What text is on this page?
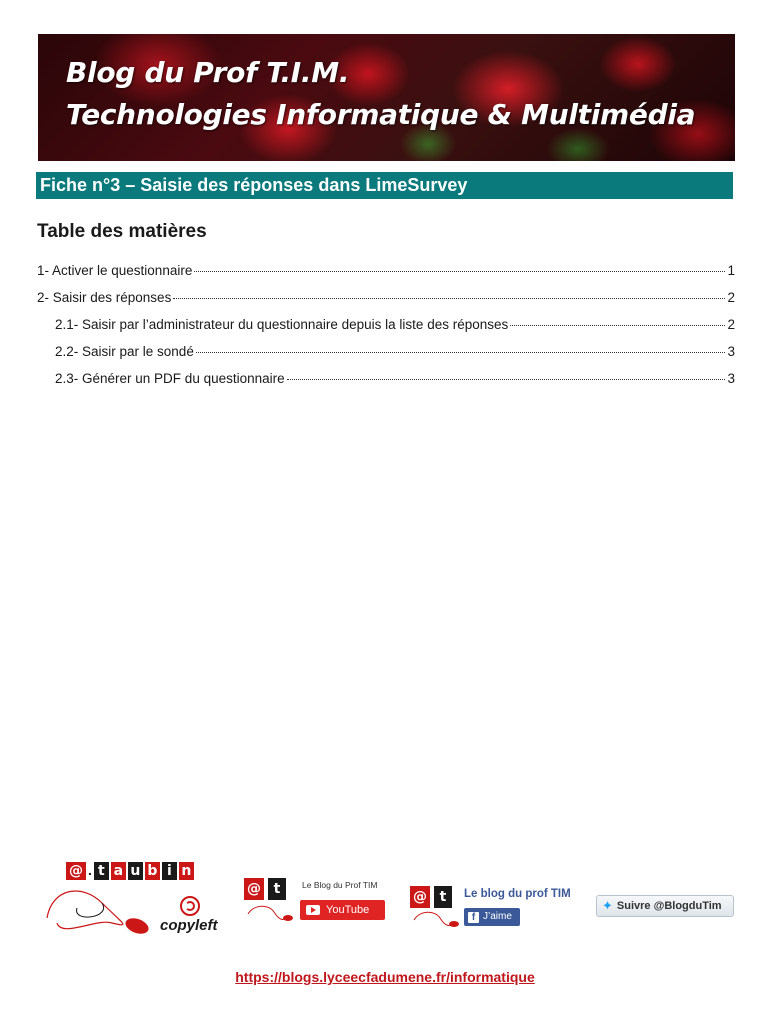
Blog du Prof T.I.M.
Technologies Informatique & Multimédia
Fiche n°3 – Saisie des réponses dans LimeSurvey
Table des matières
1- Activer le questionnaire	1
2- Saisir des réponses	2
2.1- Saisir par l’administrateur du questionnaire depuis la liste des réponses	2
2.2- Saisir par le sondé	3
2.3- Générer un PDF du questionnaire	3
@ . t a u b i n
copyleft
@ t	Le Blog du Prof TIM
YouTube
@ t	Le blog du prof TIM
f J’aime
✦ Suivre @BlogduTim
https://blogs.lyceecfadumene.fr/informatique
